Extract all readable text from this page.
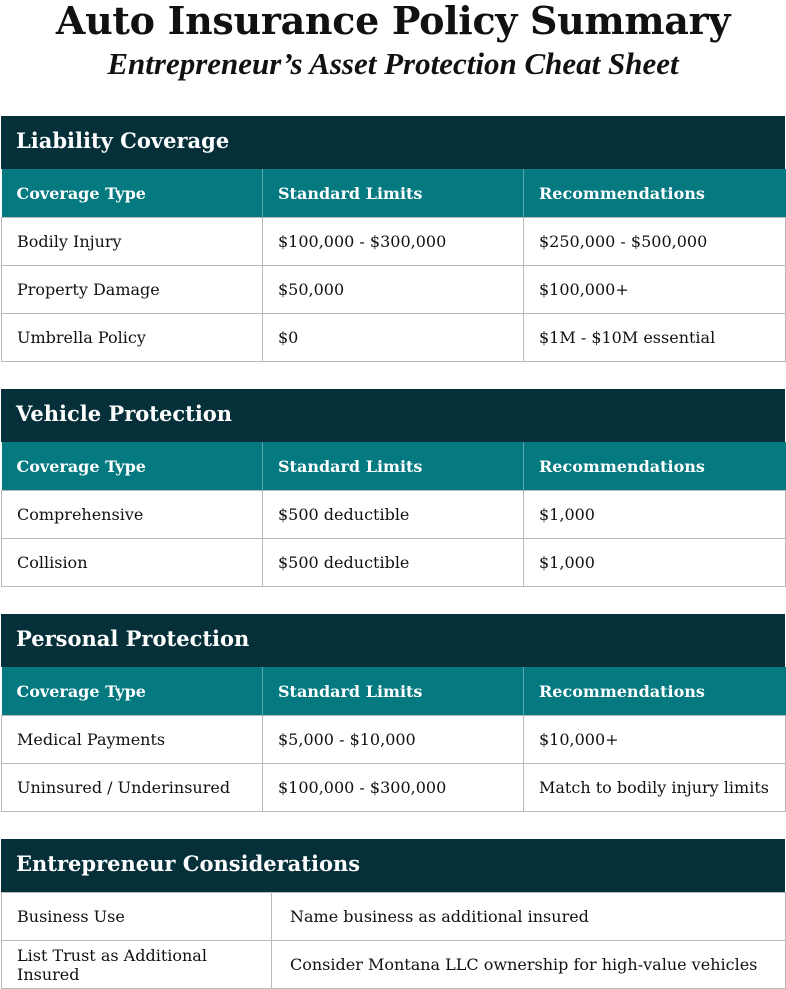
Auto Insurance Policy Summary
Entrepreneur’s Asset Protection Cheat Sheet
Liability Coverage
Coverage Type	Standard Limits	Recommendations
Bodily Injury	$100,000 - $300,000	$250,000 - $500,000
Property Damage	$50,000	$100,000+
Umbrella Policy	$0	$1M - $10M essential
Vehicle Protection
Coverage Type	Standard Limits	Recommendations
Comprehensive	$500 deductible	$1,000
Collision	$500 deductible	$1,000
Personal Protection
Coverage Type	Standard Limits	Recommendations
Medical Payments	$5,000 - $10,000	$10,000+
Uninsured / Underinsured	$100,000 - $300,000	Match to bodily injury limits
Entrepreneur Considerations
Business Use	Name business as additional insured
List Trust as Additional Insured	Consider Montana LLC ownership for high-value vehicles
